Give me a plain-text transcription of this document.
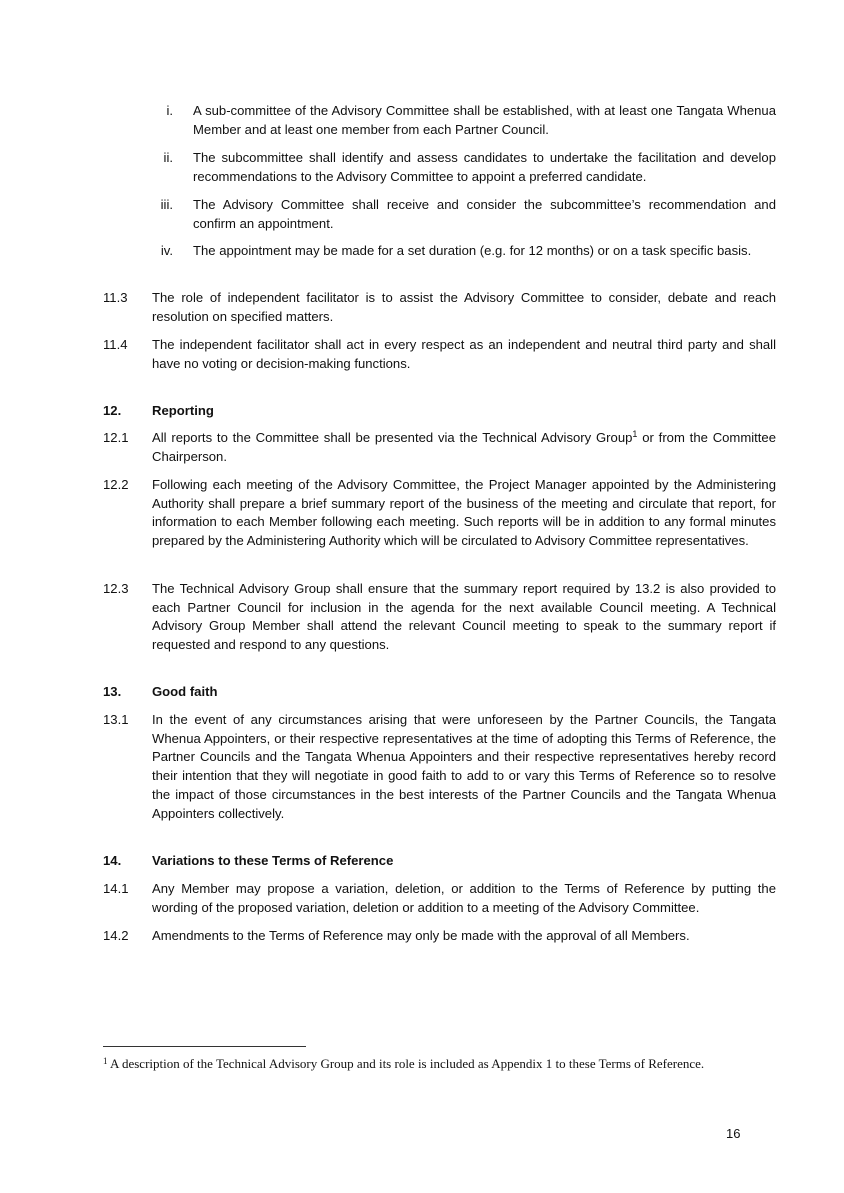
i. A sub-committee of the Advisory Committee shall be established, with at least one Tangata Whenua Member and at least one member from each Partner Council.
ii. The subcommittee shall identify and assess candidates to undertake the facilitation and develop recommendations to the Advisory Committee to appoint a preferred candidate.
iii. The Advisory Committee shall receive and consider the subcommittee’s recommendation and confirm an appointment.
iv. The appointment may be made for a set duration (e.g. for 12 months) or on a task specific basis.
11.3 The role of independent facilitator is to assist the Advisory Committee to consider, debate and reach resolution on specified matters.
11.4 The independent facilitator shall act in every respect as an independent and neutral third party and shall have no voting or decision-making functions.
12. Reporting
12.1 All reports to the Committee shall be presented via the Technical Advisory Group$^1$ or from the Committee Chairperson.
12.2 Following each meeting of the Advisory Committee, the Project Manager appointed by the Administering Authority shall prepare a brief summary report of the business of the meeting and circulate that report, for information to each Member following each meeting. Such reports will be in addition to any formal minutes prepared by the Administering Authority which will be circulated to Advisory Committee representatives.
12.3 The Technical Advisory Group shall ensure that the summary report required by 13.2 is also provided to each Partner Council for inclusion in the agenda for the next available Council meeting. A Technical Advisory Group Member shall attend the relevant Council meeting to speak to the summary report if requested and respond to any questions.
13. Good faith
13.1 In the event of any circumstances arising that were unforeseen by the Partner Councils, the Tangata Whenua Appointers, or their respective representatives at the time of adopting this Terms of Reference, the Partner Councils and the Tangata Whenua Appointers and their respective representatives hereby record their intention that they will negotiate in good faith to add to or vary this Terms of Reference so to resolve the impact of those circumstances in the best interests of the Partner Councils and the Tangata Whenua Appointers collectively.
14. Variations to these Terms of Reference
14.1 Any Member may propose a variation, deletion, or addition to the Terms of Reference by putting the wording of the proposed variation, deletion or addition to a meeting of the Advisory Committee.
14.2 Amendments to the Terms of Reference may only be made with the approval of all Members.
$^1$ A description of the Technical Advisory Group and its role is included as Appendix 1 to these Terms of Reference.
16
